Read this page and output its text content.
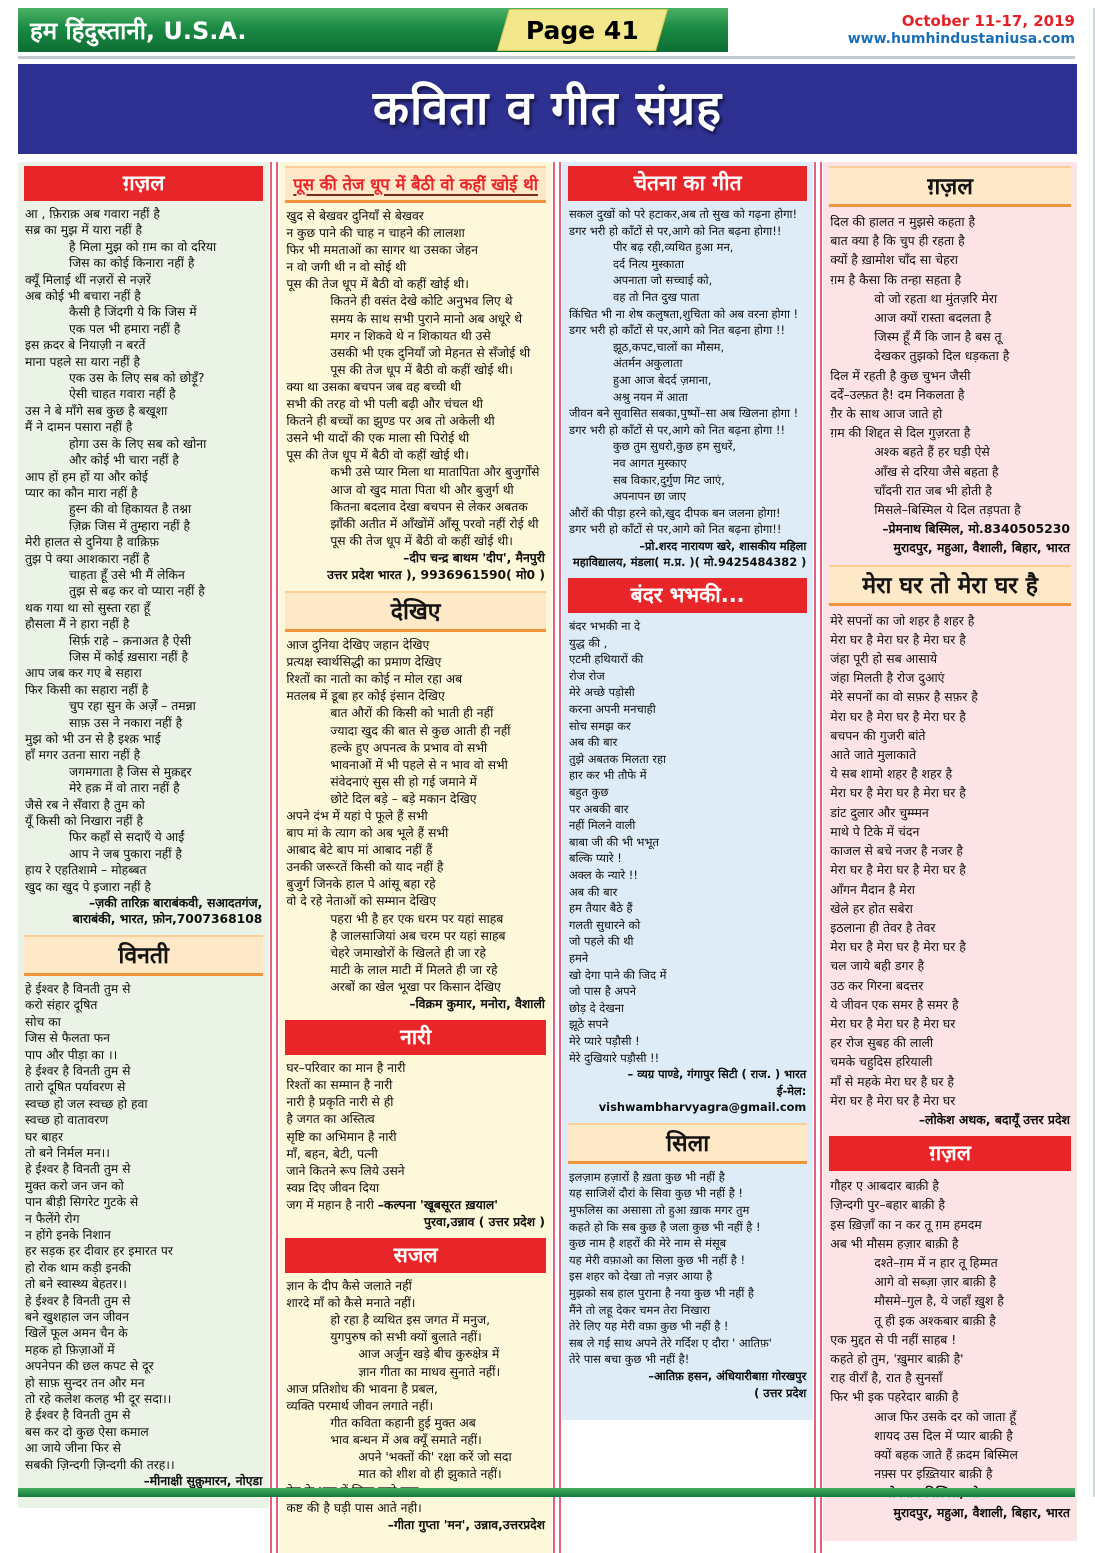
हम हिंदुस्तानी, U.S.A.	Page 41	October 11-17, 2019
www.humhindustaniusa.com
कविता व गीत संग्रह
ग़ज़ल
आ , फ़िराक़ अब गवारा नहीं है
सब्र का मुझ में यारा नहीं है
है मिला मुझ को ग़म का वो दरिया
जिस का कोई किनारा नहीं है
क्यूँ मिलाई थीं नज़रों से नज़रें
अब कोई भी बचारा नहीं है
कैसी है जिंदगी ये कि जिस में
एक पल भी हमारा नहीं है
इस क़दर बे नियाज़ी न बरतें
माना पहले सा यारा नहीं है
एक उस के लिए सब को छोड़ूँ?
ऐसी चाहत गवारा नहीं है
उस ने बे माँगे सब कुछ है बखूशा
मैं ने दामन पसारा नहीं है
होगा उस के लिए सब को खोना
और कोई भी चारा नहीं है
आप हों हम हों या और कोई
प्यार का कौन मारा नहीं है
हुस्न की वो हिकायत है तश्ना
ज़िक्र जिस में तुम्हारा नहीं है
मेरी हालत से दुनिया है वाक़िफ़
तुझ पे क्या आशकारा नहीं है
चाहता हूँ उसे भी मैं लेकिन
तुझ से बढ़ कर वो प्यारा नहीं है
थक गया था सो सुस्ता रहा हूँ
हौसला मैं ने हारा नहीं है
सिर्फ़ राहे – क़नाअत है ऐसी
जिस में कोई ख़सारा नहीं है
आप जब कर गए बे सहारा
फिर किसी का सहारा नहीं है
चुप रहा सुन के अर्ज़ें – तमन्ना
साफ़ उस ने नकारा नहीं है
मुझ को भी उन से है इश्क़ भाई
हाँ मगर उतना सारा नहीं है
जगमगाता है जिस से मुक़द्दर
मेरे हक़ में वो तारा नहीं है
जैसे रब ने सँवारा है तुम को
यूँ किसी को निखारा नहीं है
फिर कहाँ से सदाएँ ये आईं
आप ने जब पुकारा नहीं है
हाय रे एहतिशामे – मोहब्बत
खुद का खुद पे इजारा नहीं है
–ज़की तारिक़ बाराबंकवी, सआदतगंज,
बाराबंकी, भारत, फ़ोन,7007368108
विनती
हे ईश्वर है विनती तुम से
करो संहार दूषित
सोच का
जिस से फैलता फन
पाप और पीड़ा का ।।
हे ईश्वर है विनती तुम से
तारो दूषित पर्यावरण से
स्वच्छ हो जल स्वच्छ हो हवा
स्वच्छ हो वातावरण
घर बाहर
तो बने निर्मल मन।।
हे ईश्वर है विनती तुम से
मुक्त करो जन जन को
पान बीड़ी सिगरेट गुटके से
न फैलेंगे रोग
न होंगे इनके निशान
हर सड़क हर दीवार हर इमारत पर
हो रोक थाम कड़ी इनकी
तो बने स्वास्थ्य बेहतर।।
हे ईश्वर है विनती तुम से
बने खुशहाल जन जीवन
खिलें फूल अमन चैन के
महक हो फ़िज़ाओं में
अपनेपन की छल कपट से दूर
हो साफ़ सुन्दर तन और मन
तो रहे कलेश कलह भी दूर सदा।।
हे ईश्वर है विनती तुम से
बस कर दो कुछ ऐसा कमाल
आ जाये जीना फिर से
सबकी ज़िन्दगी ज़िन्दगी की तरह।।
–मीनाक्षी सुक़ुमारन, नोएडा
पूस की तेज धूप में बैठी वो कहीं खोई थी
खुद से बेखवर दुनियाँ से बेखवर
न कुछ पाने की चाह न चाहने की लालशा
फिर भी ममताओं का सागर था उसका जेहन
न वो जगी थी न वो सोई थी
पूस की तेज धूप में बैठी वो कहीं खोई थी।
कितने ही वसंत देखे कोटि अनुभव लिए थे
समय के साथ सभी पुराने मानो अब अधूरे थे
मगर न शिकवे थे न शिकायत थी उसे
उसकी भी एक दुनियाँ जो मेहनत से सँजोई थी
पूस की तेज धूप में बैठी वो कहीं खोई थी।
क्या था उसका बचपन जब वह बच्ची थी
सभी की तरह वो भी पली बढ़ी और चंचल थी
कितने ही बच्चों का झुण्ड पर अब तो अकेली थी
उसने भी यादों की एक माला सी पिरोई थी
पूस की तेज धूप में बैठी वो कहीं खोई थी।
कभी उसे प्यार मिला था मातापिता और बुजुर्गोंसे
आज वो खुद माता पिता थी और बुजुर्ग थी
कितना बदलाव देखा बचपन से लेकर अबतक
झाँकी अतीत में आँखोंमें आँसू परवो नहीं रोई थी
पूस की तेज धूप में बैठी वो कहीं खोई थी।
–दीप चन्द्र बाथम 'दीप', मैनपुरी
उत्तर प्रदेश भारत ), 9936961590( मो0 )
देखिए
आज दुनिया देखिए जहान देखिए
प्रत्यक्ष स्वार्थसिद्धी का प्रमाण देखिए
रिश्तों का नातो का कोई न मोल रहा अब
मतलब में डूबा हर कोई इंसान देखिए
बात औरों की किसी को भाती ही नहीं
ज्यादा खुद की बात से कुछ आती ही नहीं
हल्के हुए अपनत्व के प्रभाव वो सभी
भावनाओं में भी पहले से न भाव वो सभी
संवेदनाएं सुस सी हो गई जमाने में
छोटे दिल बड़े – बड़े मकान देखिए
अपने दंभ में यहां पे फूले हैं सभी
बाप मां के त्याग को अब भूले हैं सभी
आबाद बेटे बाप मां आबाद नहीं हैं
उनकी जरूरतें किसी को याद नहीं है
बुजुर्ग जिनके हाल पे आंसू बहा रहे
वो दे रहे नेताओं को सम्मान देखिए
पहरा भी है हर एक धरम पर यहां साहब
है जालसाजियां अब चरम पर यहां साहब
चेहरे जमाखोरों के खिलते ही जा रहे
माटी के लाल माटी में मिलते ही जा रहे
अरबों का खेल भूखा पर किसान देखिए
–विक्रम कुमार, मनोरा, वैशाली
नारी
घर–परिवार का मान है नारी
रिश्तों का सम्मान है नारी
नारी है प्रकृति नारी से ही
है जगत का अस्तित्व
सृष्टि का अभिमान है नारी
माँ, बहन, बेटी, पत्नी
जाने कितने रूप लिये उसने
स्वप्न दिए जीवन दिया
जग में महान है नारी –कल्पना 'खूबसूरत ख़याल'
पुरवा,उन्नाव ( उत्तर प्रदेश )
सजल
ज्ञान के दीप कैसे जलाते नहीं
शारदे माँ को कैसे मनाते नहीं।
हो रहा है व्यथित इस जगत में मनुज,
युगपुरुष को सभी क्यों बुलाते नहीं।
आज अर्जुन खड़े बीच कुरुक्षेत्र में
ज्ञान गीता का माधव सुनाते नहीं।
आज प्रतिशोध की भावना है प्रबल,
व्यक्ति परमार्थ जीवन लगाते नहीं।
गीत कविता कहानी हुई मुक्त अब
भाव बन्धन में अब क्यूँ समाते नहीं।
अपने 'भक्तों की' रक्षा करें जो सदा
मात को शीश वो ही झुकाते नहीं।
कष्ट की है घड़ी पास आते नही।
–गीता गुप्ता 'मन', उन्नाव,उत्तरप्रदेश
चेतना का गीत
सकल दुखों को परे हटाकर,अब तो सुख को गढ़ना होगा!
डगर भरी हो काँटों से पर,आगे को नित बढ़ना होगा!!
पीर बढ़ रही,व्यथित हुआ मन,
दर्द नित्य मुस्काता
अपनाता जो सच्चाई को,
वह तो नित दुख पाता
किंचित भी ना शेष कलुषता,शुचिता को अब वरना होगा !
डगर भरी हो काँटों से पर,आगे को नित बढ़ना होगा !!
झूठ,कपट,चालों का मौसम,
अंतर्मन अकुलाता
हुआ आज बेदर्द ज़माना,
अश्रु नयन में आता
जीवन बने सुवासित सबका,पुष्पों–सा अब खिलना होगा !
डगर भरी हो काँटों से पर,आगे को नित बढ़ना होगा !!
कुछ तुम सुधरो,कुछ हम सुधरें,
नव आगत मुस्काए
सब विकार,दुर्गुण मिट जाएं,
अपनापन छा जाए
औरों की पीड़ा हरने को,खुद दीपक बन जलना होगा!
डगर भरी हो काँटों से पर,आगे को नित बढ़ना होगा!!
–प्रो.शरद नारायण खरे, शासकीय महिला
महाविद्यालय, मंडला( म.प्र. )( मो.9425484382 )
बंदर भभकी...
बंदर भभकी ना दे
युद्ध की ,
एटमी हथियारों की
रोज रोज
मेरे अच्छे पड़ोसी
करना अपनी मनचाही
सोच समझ कर
अब की बार
तुझे अबतक मिलता रहा
हार कर भी तौफे में
बहुत कुछ
पर अबकी बार
नहीं मिलने वाली
बाबा जी की भी भभूत
बल्कि प्यारे !
अक्ल के न्यारे !!
अब की बार
हम तैयार बैठे हैं
गलती सुधारने को
जो पहले की थी
हमने
खो देगा पाने की जिद में
जो पास है अपने
छोड़ दे देखना
झूठे सपने
मेरे प्यारे पड़ौसी !
मेरे दुखियारे पड़ौसी !!
– व्यग्र पाण्डे, गंगापुर सिटी ( राज. ) भारत
ई-मेल: vishwambharvyagra@gmail.com
सिला
इलज़ाम हज़ारों है ख़ता कुछ भी नहीं है
यह साजिशें दौरां के सिवा कुछ भी नहीं है !
मुफलिस का असासा तो हुआ ख़ाक मगर तुम
कहते हो कि सब कुछ है जला कुछ भी नहीं है !
कुछ नाम है शहरों की मेरे नाम से मंसूब
यह मेरी वफ़ाओ का सिला कुछ भी नहीं है !
इस शहर को देखा तो नज़र आया है
मुझको सब हाल पुराना है नया कुछ भी नहीं है
मैंने तो लहू देकर चमन तेरा निखारा
तेरे लिए यह मेरी वफ़ा कुछ भी नहीं है !
सब ले गई साथ अपने तेरे गर्दिश ए दौरा ' आतिफ़'
तेरे पास बचा कुछ भी नहीं है!
–आतिफ़ हसन, अंधियारीबाग़ गोरखपुर
( उत्तर प्रदेश
ग़ज़ल
दिल की हालत न मुझसे कहता है
बात क्या है कि चुप ही रहता है
क्यों है ख़ामोश चाँद सा चेहरा
ग़म है कैसा कि तन्हा सहता है
वो जो रहता था मुंतज़रि मेरा
आज क्यों रास्ता बदलता है
जिस्म हूँ मैं कि जान है बस तू
देखकर तुझको दिल धड़कता है
दिल में रहती है कुछ चुभन जैसी
दर्दें–उल्फ़त है! दम निकलता है
ग़ैर के साथ आज जाते हो
ग़म की शिद्दत से दिल गुज़रता है
अश्क बहते हैं हर घड़ी ऐसे
आँख से दरिया जैसे बहता है
चाँदनी रात जब भी होती है
मिसले–बिस्मिल ये दिल तड़पता है
–प्रेमनाथ बिस्मिल, मो.8340505230
मुरादपुर, महुआ, वैशाली, बिहार, भारत
मेरा घर तो मेरा घर है
मेरे सपनों का जो शहर है शहर है
मेरा घर है मेरा घर है मेरा घर है
जंहा पूरी हो सब आसाये
जंहा मिलती है रोज दुआएं
मेरे सपनों का वो सफ़र है सफ़र है
मेरा घर है मेरा घर है मेरा घर है
बचपन की गुजरी बांते
आते जाते मुलाकाते
ये सब शामो शहर है शहर है
मेरा घर है मेरा घर है मेरा घर है
डांट दुलार और चुम्म्मन
माथे पे टिके में चंदन
काजल से बचे नजर है नजर है
मेरा घर है मेरा घर है मेरा घर है
आँगन मैदान है मेरा
खेले हर होत सबेरा
इठलाना ही तेवर है तेवर
मेरा घर है मेरा घर है मेरा घर है
चल जाये बही डगर है
उठ कर गिरना बदत्तर
ये जीवन एक समर है समर है
मेरा घर है मेरा घर है मेरा घर
हर रोज सुबह की लाली
चमके चहुदिस हरियाली
माँ से महके मेरा घर है घर है
मेरा घर है मेरा घर है मेरा घर
–लोकेश अथक, बदायूँ उत्तर प्रदेश
ग़ज़ल
गौहर ए आबदार बाक़ी है
ज़िन्दगी पुर–बहार बाक़ी है
इस ख़िज़ाँ का न कर तू ग़म हमदम
अब भी मौसम हज़ार बाक़ी है
दश्ते–ग़म में न हार तू हिम्मत
आगे वो सब्ज़ा ज़ार बाक़ी है
मौसमे–गुल है, ये जहाँ ख़ुश है
तू ही इक अश्कबार बाक़ी है
एक मुद्दत से पी नहीं साहब !
कहते हो तुम, 'ख़ुमार बाक़ी है'
राह वीराँ है, रात है सुनसाँ
फिर भी इक पहरेदार बाक़ी है
आज फिर उसके दर को जाता हूँ
शायद उस दिल में प्यार बाक़ी है
क्यों बहक जाते हैं क़दम बिस्मिल
नफ़्स पर इख़्तियार बाक़ी है
मुरादपुर, महुआ, वैशाली, बिहार, भारत
